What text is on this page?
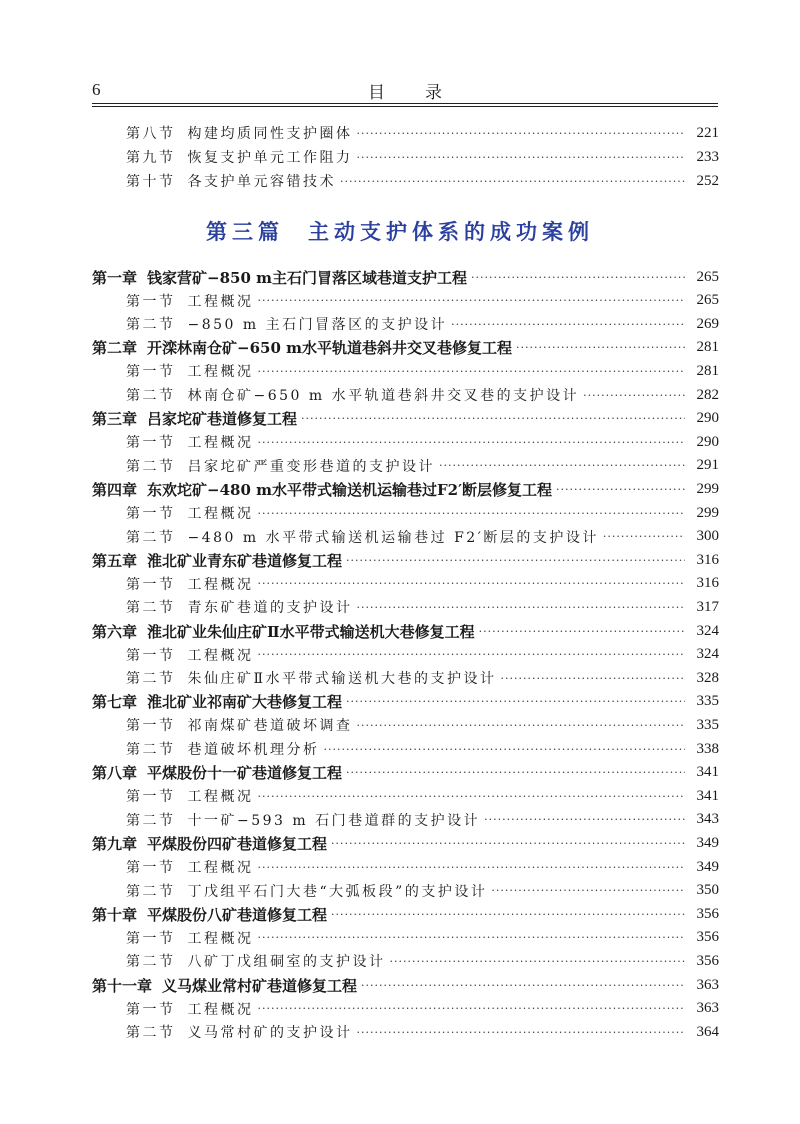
6	目录
第八节 构建均质同性支护圈体 ·····	221
第九节 恢复支护单元工作阻力 ·····	233
第十节 各支护单元容错技术 ·····	252
第三篇 主动支护体系的成功案例
第一章 钱家营矿−850 m主石门冒落区域巷道支护工程 ·····	265
第一节 工程概况 ·····	265
第二节 −850 m 主石门冒落区的支护设计 ·····	269
第二章 开滦林南仓矿−650 m水平轨道巷斜井交叉巷修复工程 ·····	281
第一节 工程概况 ·····	281
第二节 林南仓矿−650 m 水平轨道巷斜井交叉巷的支护设计 ·····	282
第三章 吕家坨矿巷道修复工程 ·····	290
第一节 工程概况 ·····	290
第二节 吕家坨矿严重变形巷道的支护设计 ·····	291
第四章 东欢坨矿−480 m水平带式输送机运输巷过F2′断层修复工程 ·····	299
第一节 工程概况 ·····	299
第二节 −480 m 水平带式输送机运输巷过 F2′断层的支护设计 ·····	300
第五章 淮北矿业青东矿巷道修复工程 ·····	316
第一节 工程概况 ·····	316
第二节 青东矿巷道的支护设计 ·····	317
第六章 淮北矿业朱仙庄矿Ⅱ水平带式输送机大巷修复工程 ·····	324
第一节 工程概况 ·····	324
第二节 朱仙庄矿Ⅱ水平带式输送机大巷的支护设计 ·····	328
第七章 淮北矿业祁南矿大巷修复工程 ·····	335
第一节 祁南煤矿巷道破坏调查 ·····	335
第二节 巷道破坏机理分析 ·····	338
第八章 平煤股份十一矿巷道修复工程 ·····	341
第一节 工程概况 ·····	341
第二节 十一矿−593 m 石门巷道群的支护设计 ·····	343
第九章 平煤股份四矿巷道修复工程 ·····	349
第一节 工程概况 ·····	349
第二节 丁戊组平石门大巷“大弧板段”的支护设计 ·····	350
第十章 平煤股份八矿巷道修复工程 ·····	356
第一节 工程概况 ·····	356
第二节 八矿丁戊组硐室的支护设计 ·····	356
第十一章 义马煤业常村矿巷道修复工程 ·····	363
第一节 工程概况 ·····	363
第二节 义马常村矿的支护设计 ·····	364
